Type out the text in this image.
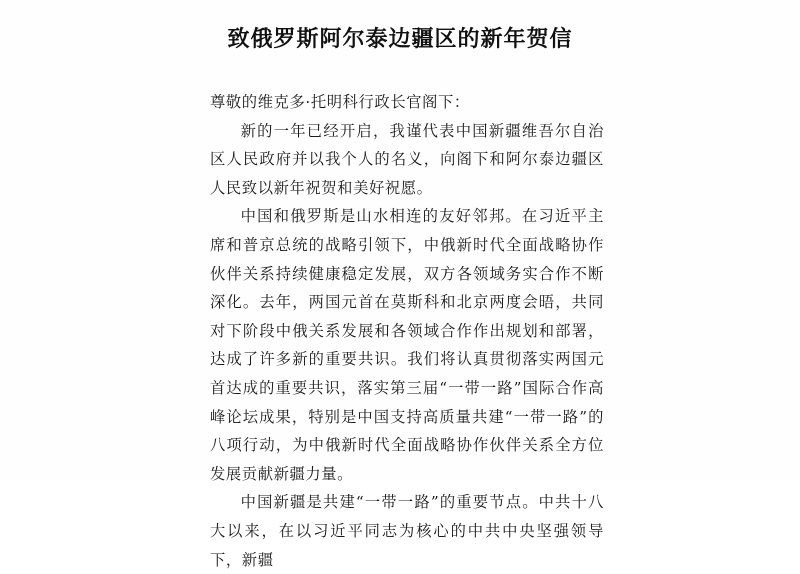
致俄罗斯阿尔泰边疆区的新年贺信

尊敬的维克多·托明科行政长官阁下：

新的一年已经开启，我谨代表中国新疆维吾尔自治区人民政府并以我个人的名义，向阁下和阿尔泰边疆区人民致以新年祝贺和美好祝愿。

中国和俄罗斯是山水相连的友好邻邦。在习近平主席和普京总统的战略引领下，中俄新时代全面战略协作伙伴关系持续健康稳定发展，双方各领域务实合作不断深化。去年，两国元首在莫斯科和北京两度会晤，共同对下阶段中俄关系发展和各领域合作作出规划和部署，达成了许多新的重要共识。我们将认真贯彻落实两国元首达成的重要共识，落实第三届“一带一路”国际合作高峰论坛成果，特别是中国支持高质量共建“一带一路”的八项行动，为中俄新时代全面战略协作伙伴关系全方位发展贡献新疆力量。

中国新疆是共建“一带一路”的重要节点。中共十八大以来，在以习近平同志为核心的中共中央坚强领导下，新疆
